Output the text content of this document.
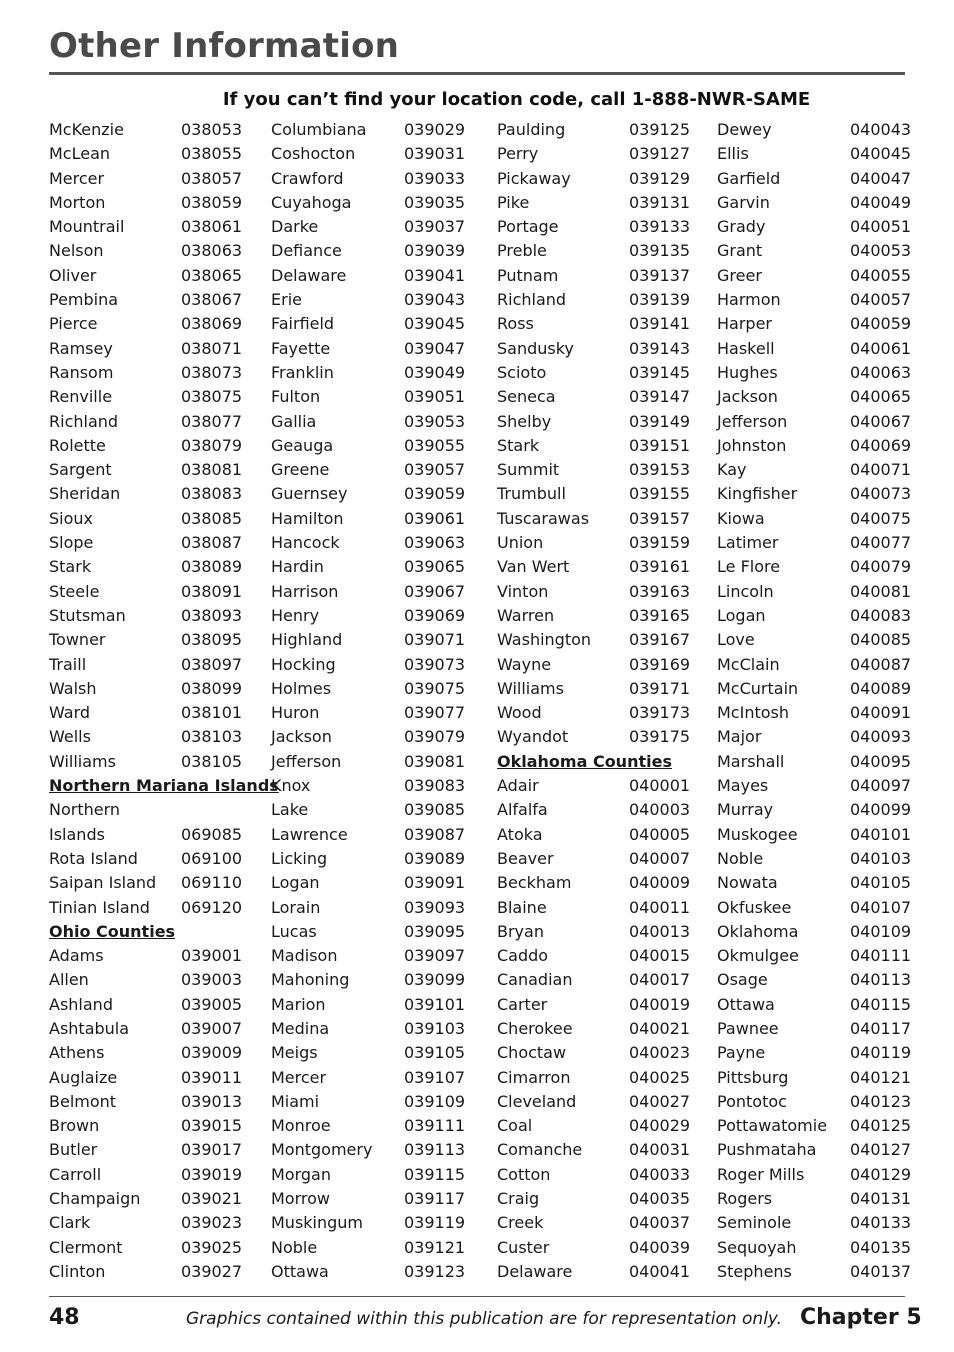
Other Information
If you can’t find your location code, call 1-888-NWR-SAME
McKenzie	038053
McLean	038055
Mercer	038057
Morton	038059
Mountrail	038061
Nelson	038063
Oliver	038065
Pembina	038067
Pierce	038069
Ramsey	038071
Ransom	038073
Renville	038075
Richland	038077
Rolette	038079
Sargent	038081
Sheridan	038083
Sioux	038085
Slope	038087
Stark	038089
Steele	038091
Stutsman	038093
Towner	038095
Traill	038097
Walsh	038099
Ward	038101
Wells	038103
Williams	038105
Northern Mariana Islands
Northern
Islands	069085
Rota Island	069100
Saipan Island 069110
Tinian Island 069120
Ohio Counties
Adams	039001
Allen	039003
Ashland	039005
Ashtabula	039007
Athens	039009
Auglaize	039011
Belmont	039013
Brown	039015
Butler	039017
Carroll	039019
Champaign	039021
Clark	039023
Clermont	039025
Clinton	039027
Columbiana 039029
Coshocton	039031
Crawford	039033
Cuyahoga	039035
Darke	039037
Defiance	039039
Delaware	039041
Erie	039043
Fairfield	039045
Fayette	039047
Franklin	039049
Fulton	039051
Gallia	039053
Geauga	039055
Greene	039057
Guernsey	039059
Hamilton	039061
Hancock	039063
Hardin	039065
Harrison	039067
Henry	039069
Highland	039071
Hocking	039073
Holmes	039075
Huron	039077
Jackson	039079
Jefferson	039081
Knox	039083
Lake	039085
Lawrence	039087
Licking	039089
Logan	039091
Lorain	039093
Lucas	039095
Madison	039097
Mahoning	039099
Marion	039101
Medina	039103
Meigs	039105
Mercer	039107
Miami	039109
Monroe	039111
Montgomery 039113
Morgan	039115
Morrow	039117
Muskingum	039119
Noble	039121
Ottawa	039123
Paulding	039125
Perry	039127
Pickaway	039129
Pike	039131
Portage	039133
Preble	039135
Putnam	039137
Richland	039139
Ross	039141
Sandusky	039143
Scioto	039145
Seneca	039147
Shelby	039149
Stark	039151
Summit	039153
Trumbull	039155
Tuscarawas 039157
Union	039159
Van Wert	039161
Vinton	039163
Warren	039165
Washington 039167
Wayne	039169
Williams	039171
Wood	039173
Wyandot	039175
Oklahoma Counties
Adair	040001
Alfalfa	040003
Atoka	040005
Beaver	040007
Beckham	040009
Blaine	040011
Bryan	040013
Caddo	040015
Canadian	040017
Carter	040019
Cherokee	040021
Choctaw	040023
Cimarron	040025
Cleveland	040027
Coal	040029
Comanche	040031
Cotton	040033
Craig	040035
Creek	040037
Custer	040039
Delaware	040041
Dewey	040043
Ellis	040045
Garfield	040047
Garvin	040049
Grady	040051
Grant	040053
Greer	040055
Harmon	040057
Harper	040059
Haskell	040061
Hughes	040063
Jackson	040065
Jefferson	040067
Johnston	040069
Kay	040071
Kingfisher	040073
Kiowa	040075
Latimer	040077
Le Flore	040079
Lincoln	040081
Logan	040083
Love	040085
McClain	040087
McCurtain	040089
McIntosh	040091
Major	040093
Marshall	040095
Mayes	040097
Murray	040099
Muskogee	040101
Noble	040103
Nowata	040105
Okfuskee	040107
Oklahoma	040109
Okmulgee	040111
Osage	040113
Ottawa	040115
Pawnee	040117
Payne	040119
Pittsburg	040121
Pontotoc	040123
Pottawatomie 040125
Pushmataha 040127
Roger Mills	040129
Rogers	040131
Seminole	040133
Sequoyah	040135
Stephens	040137
48	Graphics contained within this publication are for representation only. Chapter 5
